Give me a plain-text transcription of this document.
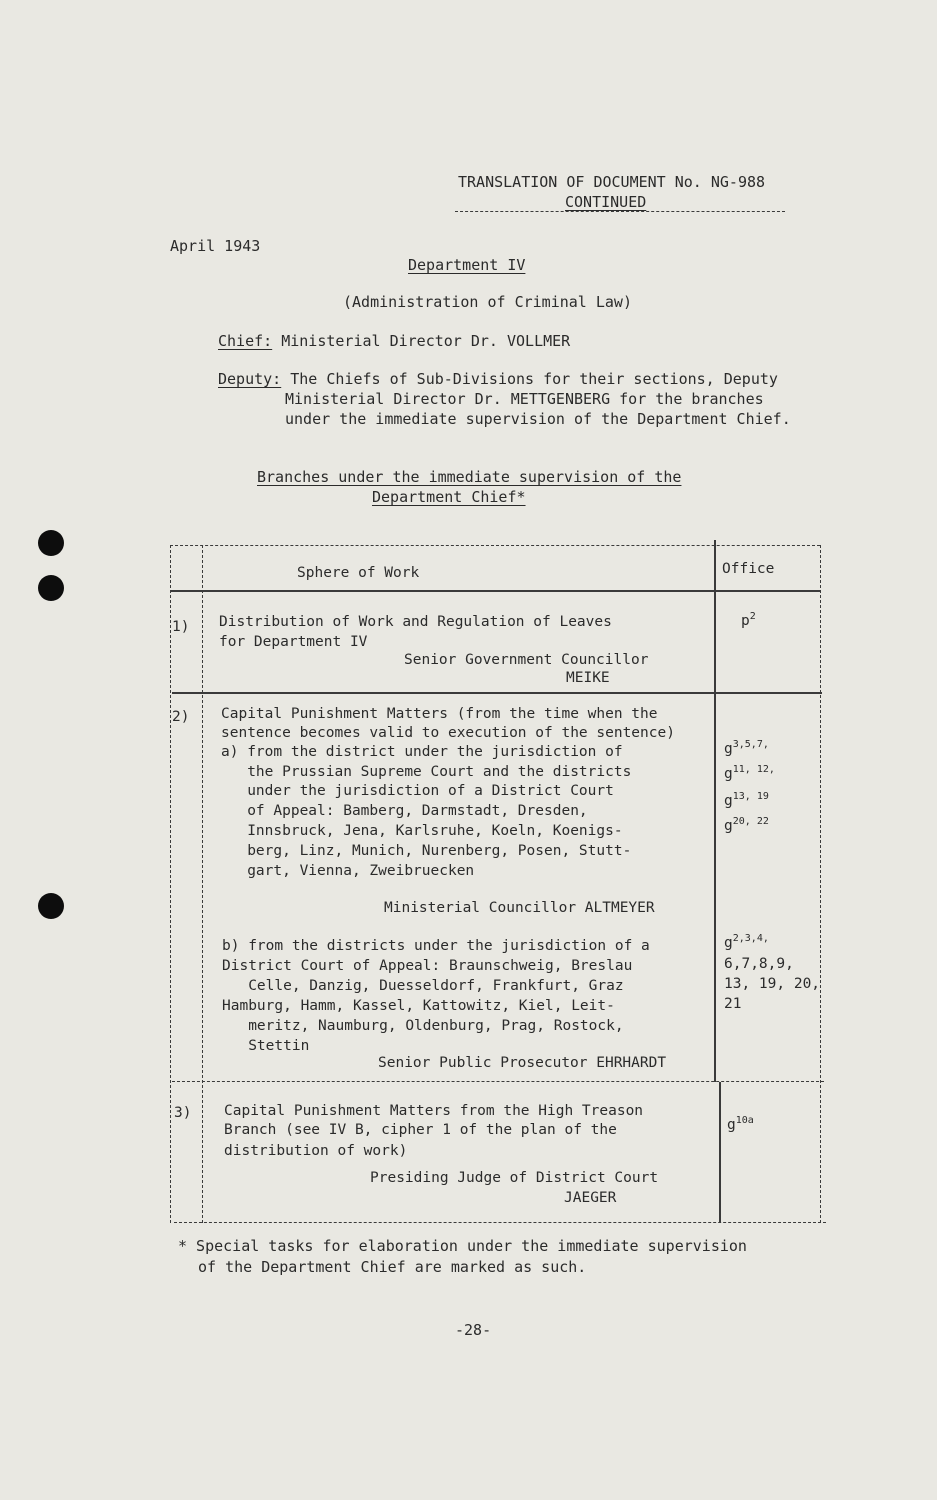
TRANSLATION OF DOCUMENT No. NG-988
CONTINUED
April 1943
Department IV
(Administration of Criminal Law)
Chief: Ministerial Director Dr. VOLLMER
Deputy: The Chiefs of Sub-Divisions for their sections, Deputy
Ministerial Director Dr. METTGENBERG for the branches
under the immediate supervision of the Department Chief.
Branches under the immediate supervision of the
Department Chief*
Sphere of Work	Office
1) Distribution of Work and Regulation of Leaves
for Department IV
Senior Government Councillor
MEIKE
$p^2$
2) Capital Punishment Matters (from the time when the
sentence becomes valid to execution of the sentence)
a) from the district under the jurisdiction of
the Prussian Supreme Court and the districts
under the jurisdiction of a District Court
of Appeal: Bamberg, Darmstadt, Dresden,
Innsbruck, Jena, Karlsruhe, Koeln, Koenigs-
berg, Linz, Munich, Nurenberg, Posen, Stutt-
gart, Vienna, Zweibruecken
Ministerial Councillor ALTMEYER
$g^{3,5,7,}$
$g^{11, 12,}$
$g^{13, 19}$
$g^{20, 22}$
b) from the districts under the jurisdiction of a
District Court of Appeal: Braunschweig, Breslau
Celle, Danzig, Duesseldorf, Frankfurt, Graz
Hamburg, Hamm, Kassel, Kattowitz, Kiel, Leit-
meritz, Naumburg, Oldenburg, Prag, Rostock,
Stettin
Senior Public Prosecutor EHRHARDT
$g^{2,3,4,}$
6,7,8,9,
13, 19, 20,
21
3) Capital Punishment Matters from the High Treason
Branch (see IV B, cipher 1 of the plan of the
distribution of work)
Presiding Judge of District Court
JAEGER
$g^{10a}$
* Special tasks for elaboration under the immediate supervision
of the Department Chief are marked as such.
-28-
